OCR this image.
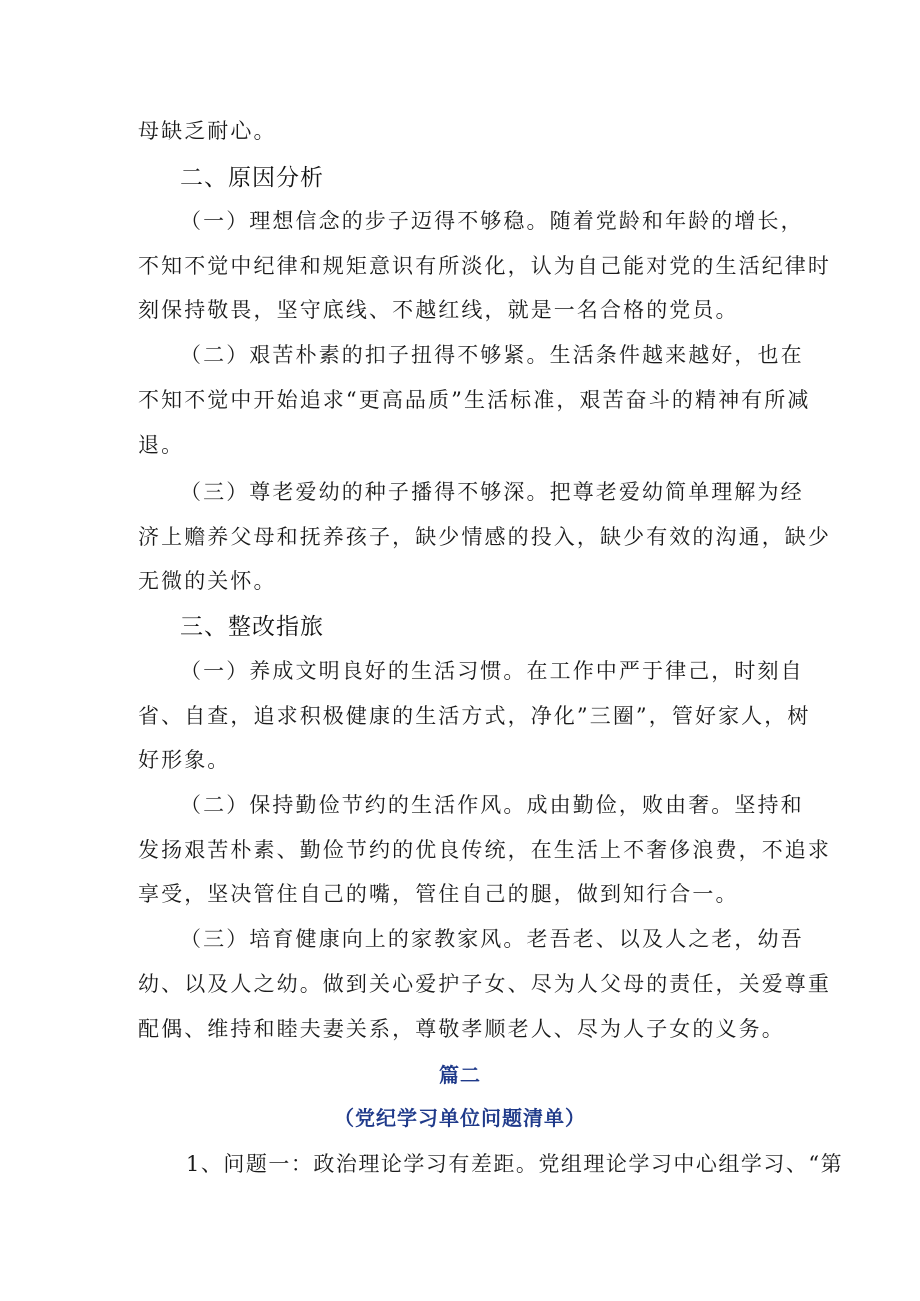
母缺乏耐心。
二、原因分析
（一）理想信念的步子迈得不够稳。随着党龄和年龄的增长，
不知不觉中纪律和规矩意识有所淡化，认为自己能对党的生活纪律时
刻保持敬畏，坚守底线、不越红线，就是一名合格的党员。
（二）艰苦朴素的扣子扭得不够紧。生活条件越来越好，也在
不知不觉中开始追求“更高品质”生活标准，艰苦奋斗的精神有所减
退。
（三）尊老爱幼的种子播得不够深。把尊老爱幼简单理解为经
济上赡养父母和抚养孩子，缺少情感的投入，缺少有效的沟通，缺少
无微的关怀。
三、整改指旅
（一）养成文明良好的生活习惯。在工作中严于律己，时刻自
省、自查，追求积极健康的生活方式，净化”三圈”，管好家人，树
好形象。
（二）保持勤俭节约的生活作风。成由勤俭，败由奢。坚持和
发扬艰苦朴素、勤俭节约的优良传统，在生活上不奢侈浪费，不追求
享受，坚决管住自己的嘴，管住自己的腿，做到知行合一。
（三）培育健康向上的家教家风。老吾老、以及人之老，幼吾
幼、以及人之幼。做到关心爱护子女、尽为人父母的责任，关爱尊重
配偶、维持和睦夫妻关系，尊敬孝顺老人、尽为人子女的义务。
篇二
（党纪学习单位问题清单）
1、问题一：政治理论学习有差距。党组理论学习中心组学习、“第
